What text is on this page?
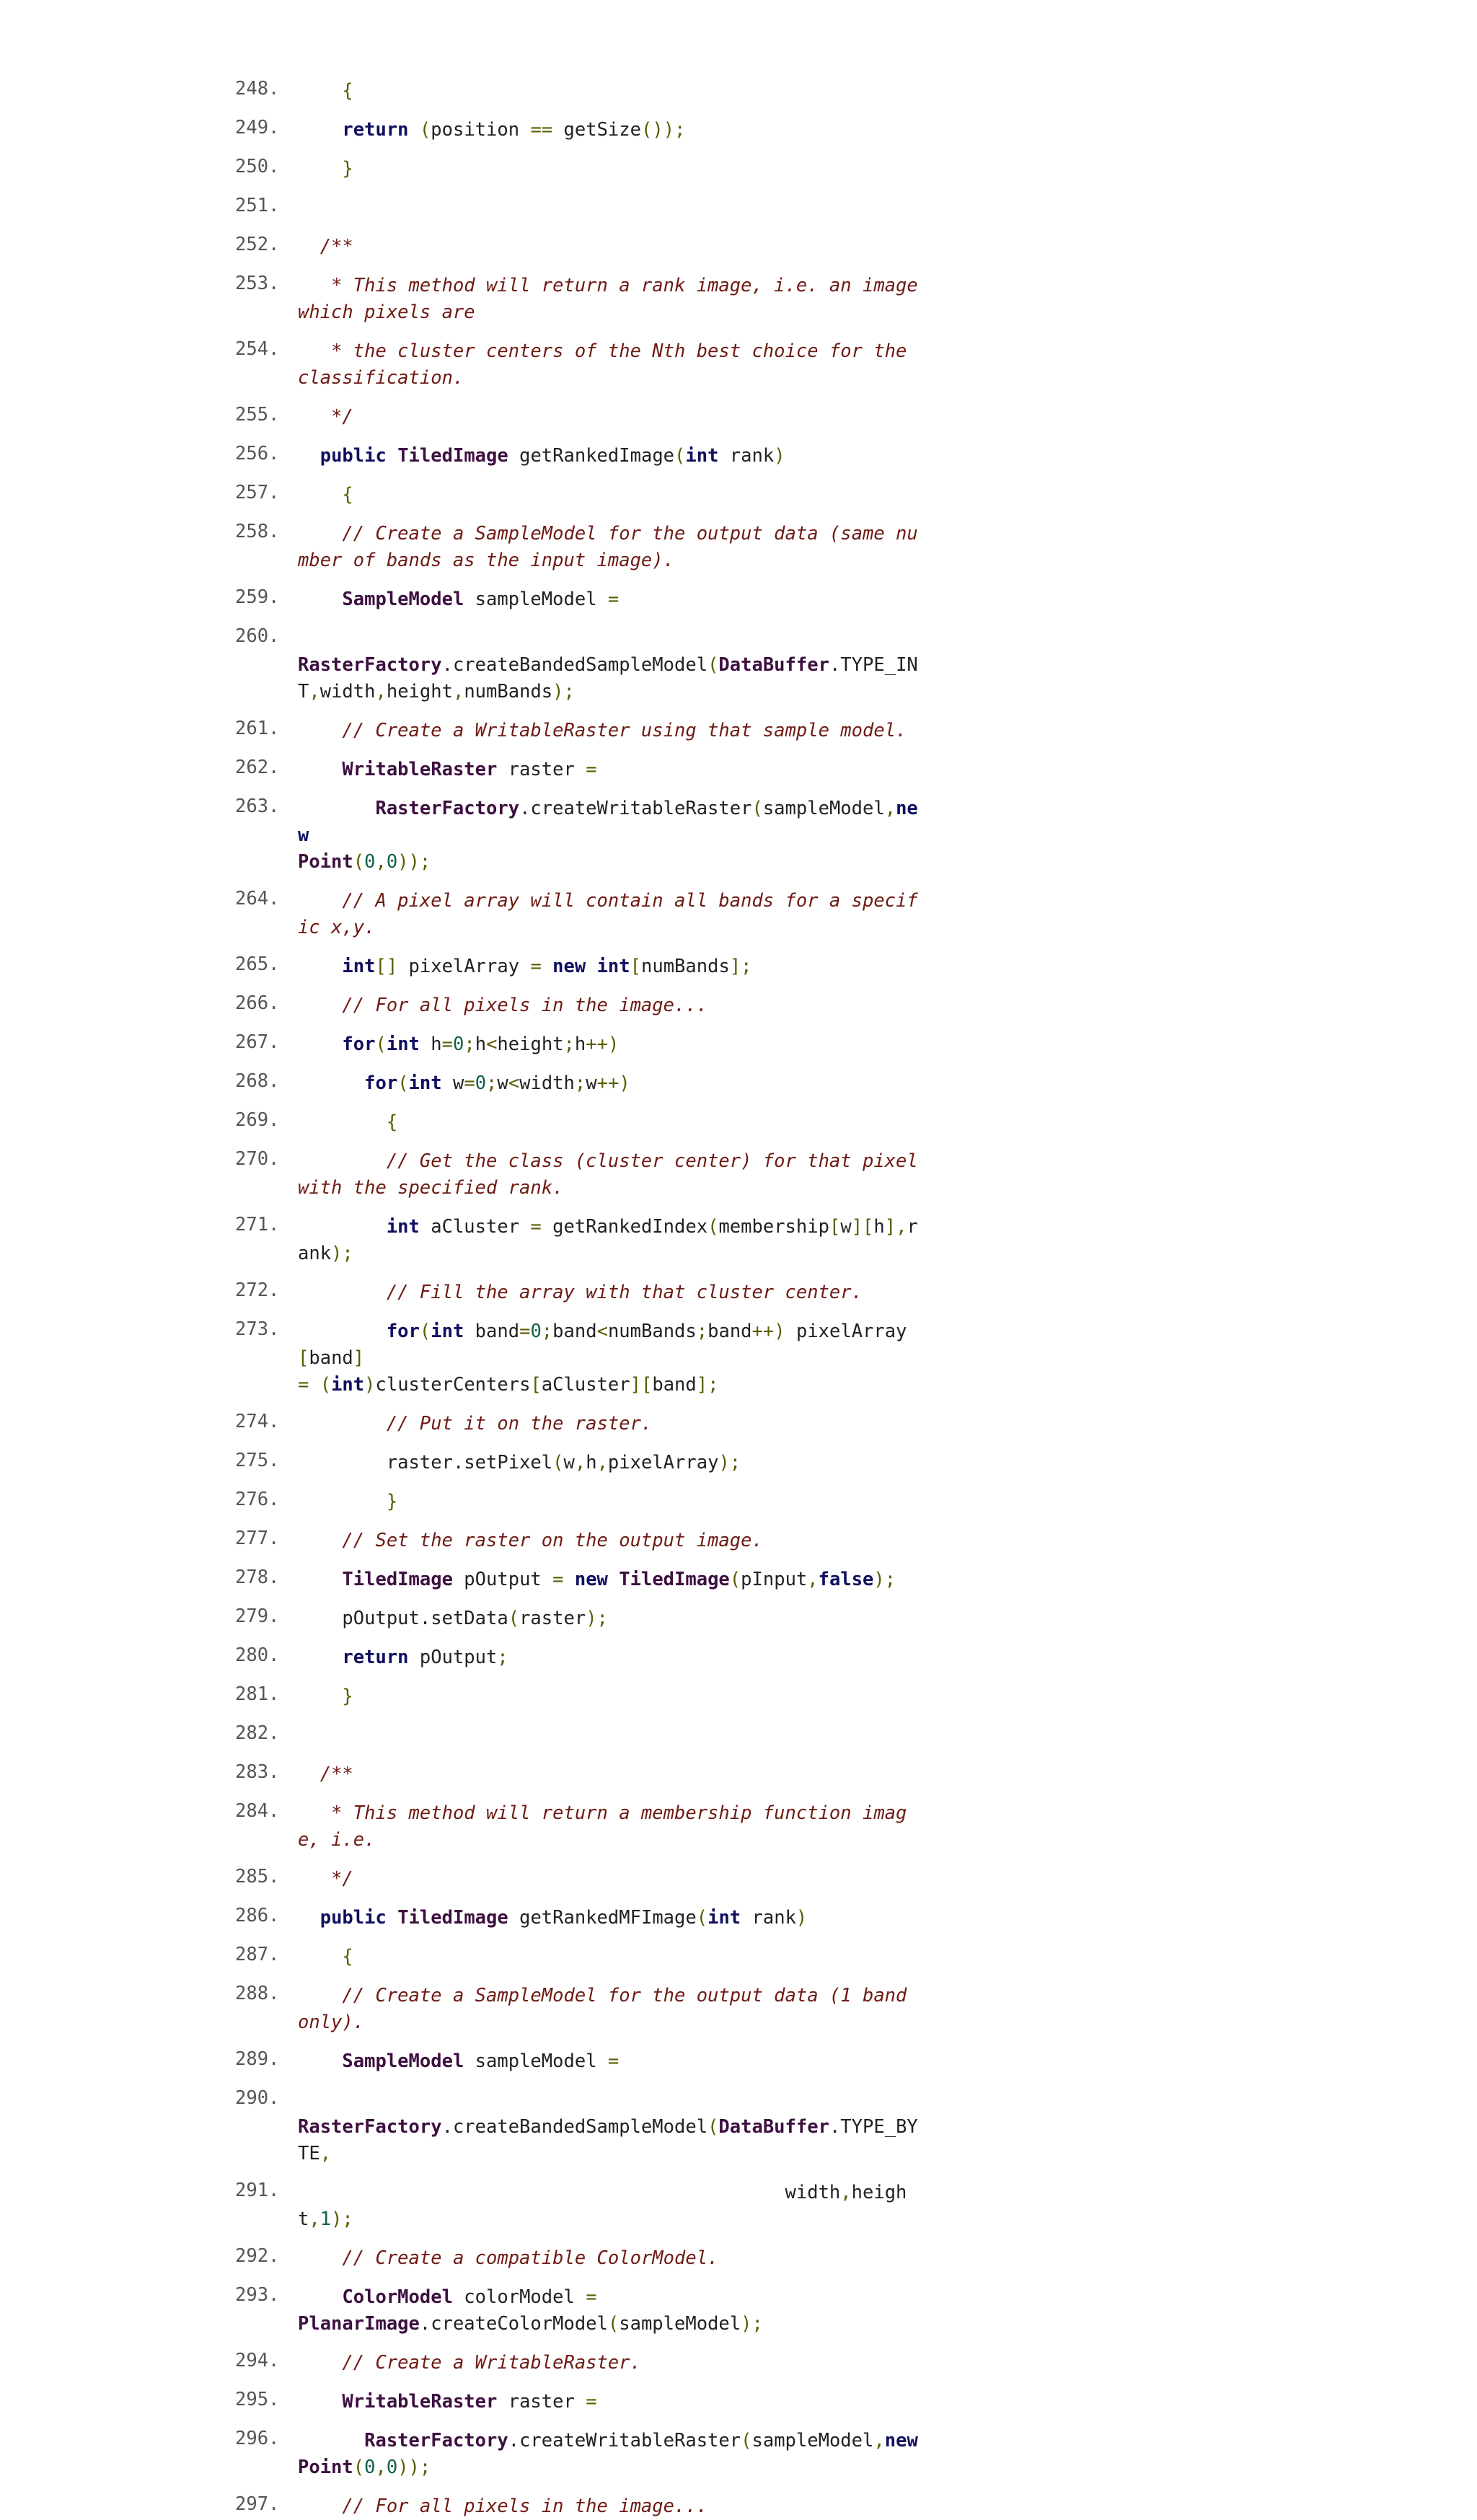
248.	{
249.	return (position == getSize());
250.	}
251.
252.	/**
253.	* This method will return a rank image, i.e. an image which pixels are
254.	* the cluster centers of the Nth best choice for the classification.
255.	*/
256.	public TiledImage getRankedImage(int rank)
257.	{
258.	// Create a SampleModel for the output data (same number of bands as the input image).
259.	SampleModel sampleModel =
260.

RasterFactory.createBandedSampleModel(DataBuffer.TYPE_INT,width,height,numBands);
261.	// Create a WritableRaster using that sample model.
262.	WritableRaster raster =
263.	RasterFactory.createWritableRaster(sampleModel,new
Point(0,0));
264.	// A pixel array will contain all bands for a specific x,y.
265.	int[] pixelArray = new int[numBands];
266.	// For all pixels in the image...
267.	for(int h=0;h<height;h++)
268.	for(int w=0;w<width;w++)
269.	{
270.	// Get the class (cluster center) for that pixel with the specified rank.
271.	int aCluster = getRankedIndex(membership[w][h],rank);
272.	// Fill the array with that cluster center.
273.	for(int band=0;band<numBands;band++) pixelArray[band]
= (int)clusterCenters[aCluster][band];
274.	// Put it on the raster.
275.	raster.setPixel(w,h,pixelArray);
276.	}
277.	// Set the raster on the output image.
278.	TiledImage pOutput = new TiledImage(pInput,false);
279.	pOutput.setData(raster);
280.	return pOutput;
281.	}
282.
283.	/**
284.	* This method will return a membership function image, i.e.
285.	*/
286.	public TiledImage getRankedMFImage(int rank)
287.	{
288.	// Create a SampleModel for the output data (1 band only).
289.	SampleModel sampleModel =
290.

RasterFactory.createBandedSampleModel(DataBuffer.TYPE_BYTE,
291.	width,height,1);
292.	// Create a compatible ColorModel.
293.	ColorModel colorModel =
PlanarImage.createColorModel(sampleModel);
294.	// Create a WritableRaster.
295.	WritableRaster raster =
296.	RasterFactory.createWritableRaster(sampleModel,new
Point(0,0));
297.	// For all pixels in the image...
